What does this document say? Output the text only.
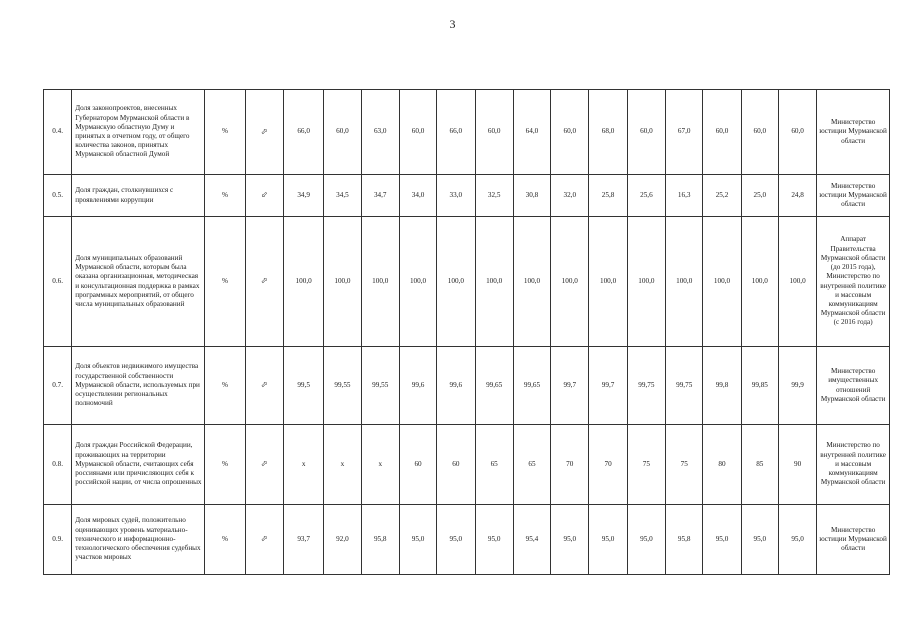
3
0.4.	Доля законопроектов, внесенных Губернатором Мурманской области в Мурманскую областную Думу и принятых в отчетном году, от общего количества законов, принятых Мурманской областной Думой	%	⬀	66,0	60,0	63,0	60,0	66,0	60,0	64,0	60,0	68,0	60,0	67,0	60,0	60,0	60,0	Министерство юстиции Мурманской области
0.5.	Доля граждан, столкнувшихся с проявлениями коррупции	%	⬃	34,9	34,5	34,7	34,0	33,0	32,5	30,8	32,0	25,8	25,6	16,3	25,2	25,0	24,8	Министерство юстиции Мурманской области
0.6.	Доля муниципальных образований Мурманской области, которым была оказана организационная, методическая и консультационная поддержка в рамках программных мероприятий, от общего числа муниципальных образований	%	⬀	100,0	100,0	100,0	100,0	100,0	100,0	100,0	100,0	100,0	100,0	100,0	100,0	100,0	100,0	Аппарат Правительства Мурманской области (до 2015 года), Министерство по внутренней политике и массовым коммуникациям Мурманской области (с 2016 года)
0.7.	Доля объектов недвижимого имущества государственной собственности Мурманской области, используемых при осуществлении региональных полномочий	%	⬀	99,5	99,55	99,55	99,6	99,6	99,65	99,65	99,7	99,7	99,75	99,75	99,8	99,85	99,9	Министерство имущественных отношений Мурманской области
0.8.	Доля граждан Российской Федерации, проживающих на территории Мурманской области, считающих себя россиянами или причисляющих себя к российской нации, от числа опрошенных	%	⬀	x	x	x	60	60	65	65	70	70	75	75	80	85	90	Министерство по внутренней политике и массовым коммуникациям Мурманской области
0.9.	Доля мировых судей, положительно оценивающих уровень материально-технического и информационно-технологического обеспечения судебных участков мировых	%	⬀	93,7	92,0	95,8	95,0	95,0	95,0	95,4	95,0	95,0	95,0	95,8	95,0	95,0	95,0	Министерство юстиции Мурманской области
